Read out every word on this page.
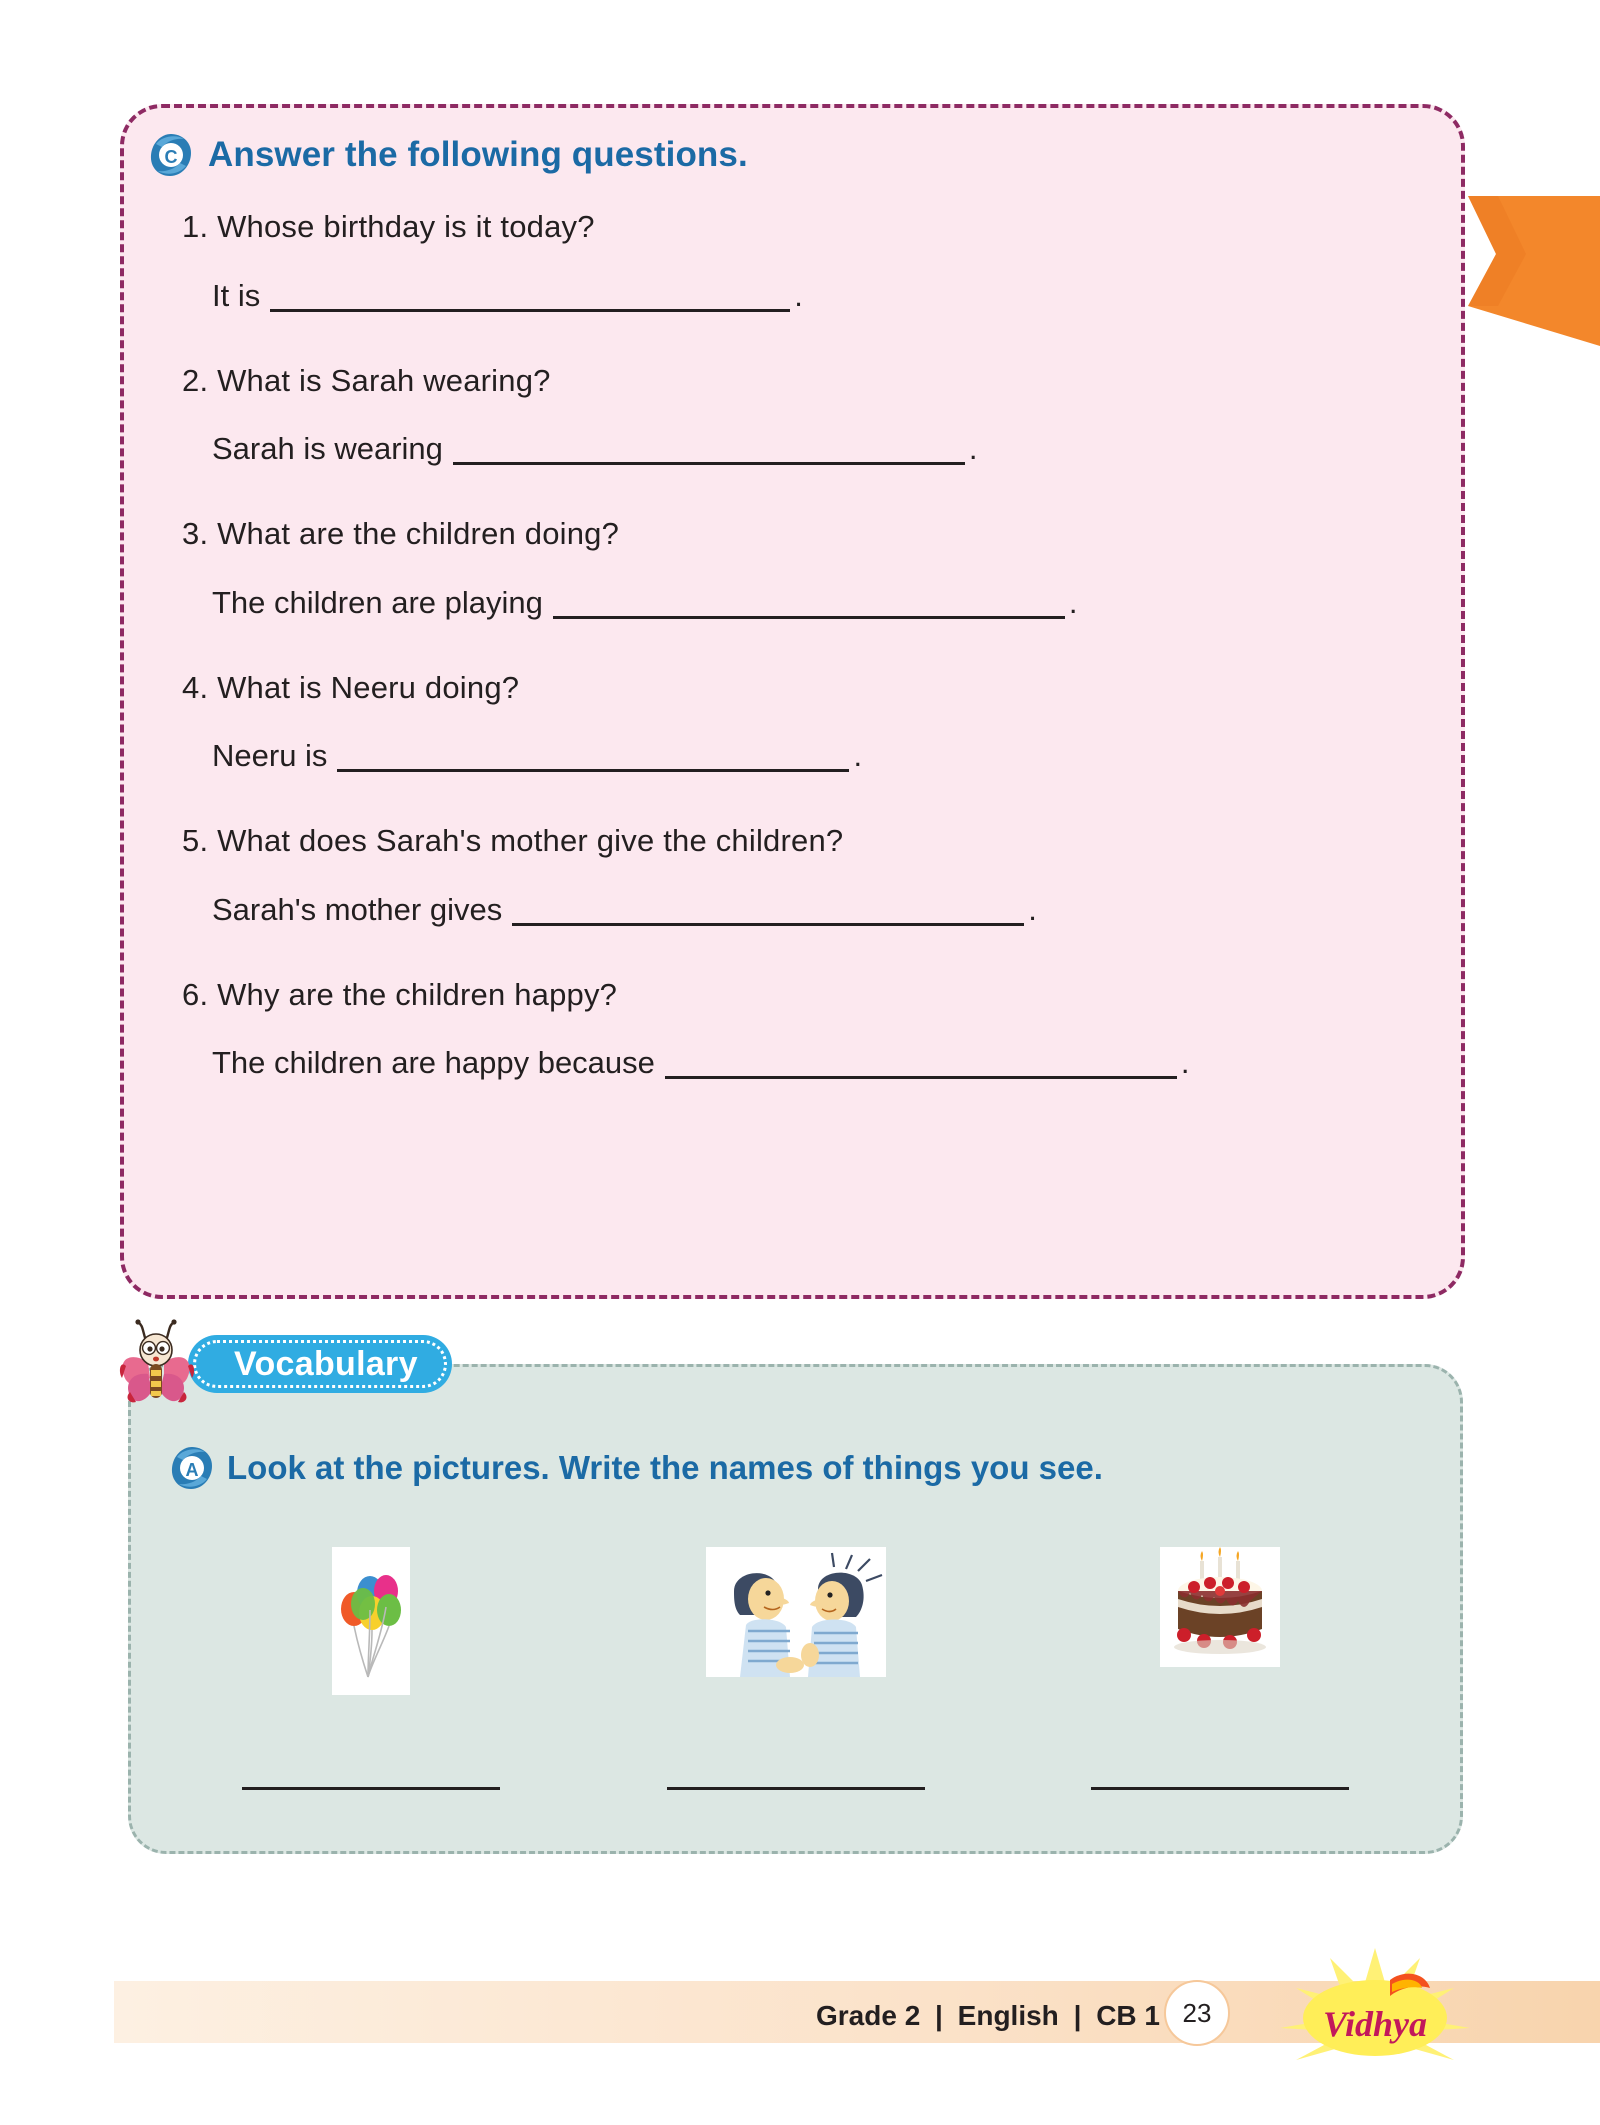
C Answer the following questions.
1. Whose birthday is it today?
It is	.
2. What is Sarah wearing?
Sarah is wearing	.
3. What are the children doing?
The children are playing	.
4. What is Neeru doing?
Neeru is	.
5. What does Sarah's mother give the children?
Sarah's mother gives	.
6. Why are the children happy?
The children are happy because	.
A Look at the pictures. Write the names of things you see.
Vocabulary
Grade 2 | English | CB 1 23	Vidhya
